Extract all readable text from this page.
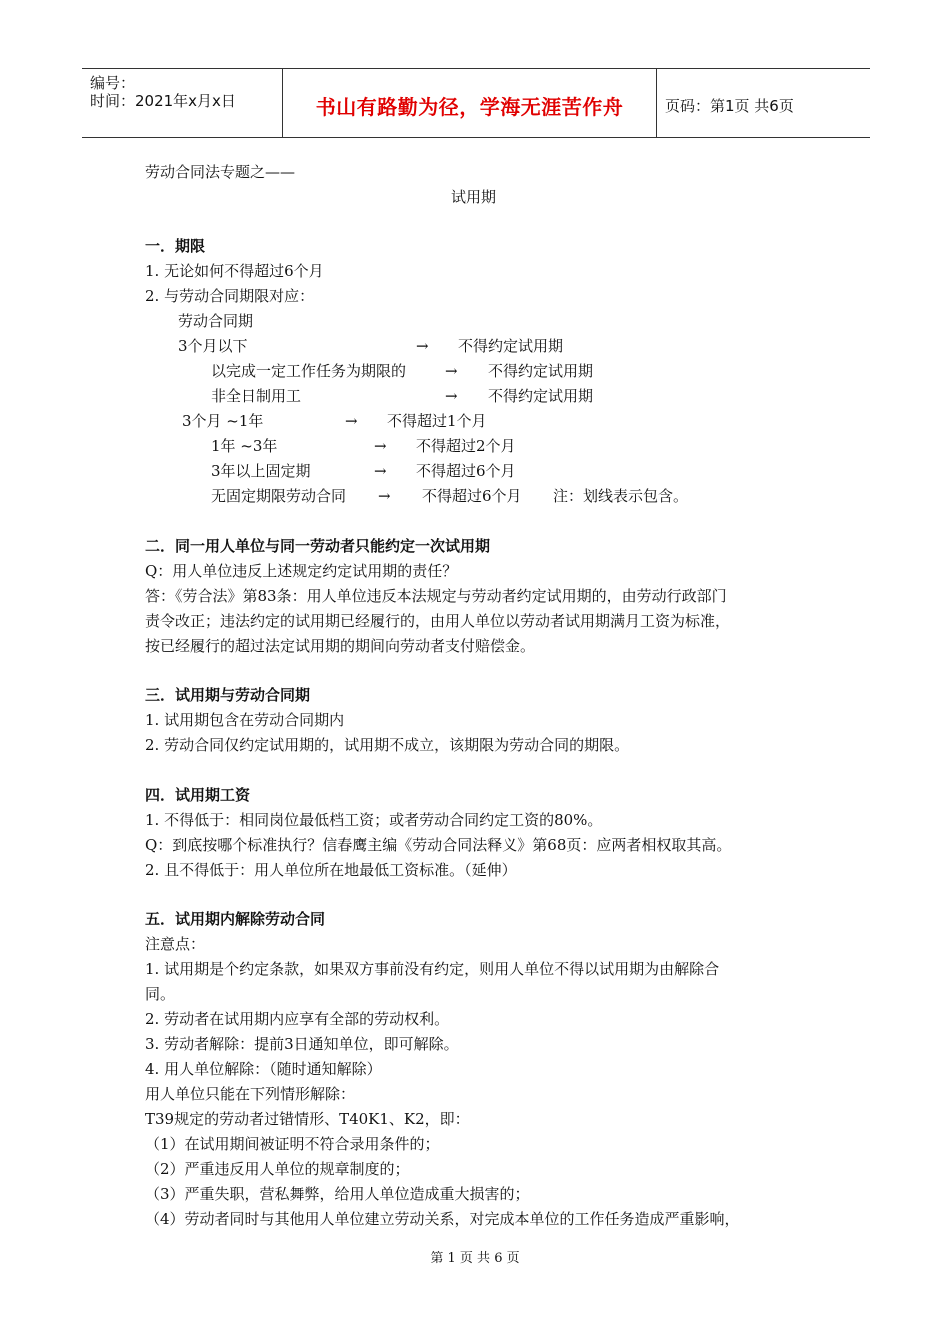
编号：
时间：2021年x月x日	书山有路勤为径，学海无涯苦作舟	页码：第1页 共6页
劳动合同法专题之——
试用期
一．期限
1. 无论如何不得超过6个月
2. 与劳动合同期限对应：
劳动合同期
3个月以下	→ 不得约定试用期
以完成一定工作任务为期限的	→ 不得约定试用期
非全日制用工	→ 不得约定试用期
3个月 ~1年	→ 不得超过1个月
1年 ~3年	→ 不得超过2个月
3年以上固定期	→ 不得超过6个月
无固定期限劳动合同 → 不得超过6个月 注：划线表示包含。
二．同一用人单位与同一劳动者只能约定一次试用期
Q：用人单位违反上述规定约定试用期的责任？
答：《劳合法》第83条：用人单位违反本法规定与劳动者约定试用期的，由劳动行政部门
责令改正；违法约定的试用期已经履行的，由用人单位以劳动者试用期满月工资为标准，
按已经履行的超过法定试用期的期间向劳动者支付赔偿金。
三．试用期与劳动合同期
1. 试用期包含在劳动合同期内
2. 劳动合同仅约定试用期的，试用期不成立，该期限为劳动合同的期限。
四．试用期工资
1. 不得低于：相同岗位最低档工资；或者劳动合同约定工资的80%。
Q：到底按哪个标准执行？信春鹰主编《劳动合同法释义》第68页：应两者相权取其高。
2. 且不得低于：用人单位所在地最低工资标准。（延伸）
五．试用期内解除劳动合同
注意点：
1. 试用期是个约定条款，如果双方事前没有约定，则用人单位不得以试用期为由解除合
同。
2. 劳动者在试用期内应享有全部的劳动权利。
3. 劳动者解除：提前3日通知单位，即可解除。
4. 用人单位解除：（随时通知解除）
用人单位只能在下列情形解除：
T39规定的劳动者过错情形、T40K1、K2，即：
（1）在试用期间被证明不符合录用条件的；
（2）严重违反用人单位的规章制度的；
（3）严重失职，营私舞弊，给用人单位造成重大损害的；
（4）劳动者同时与其他用人单位建立劳动关系，对完成本单位的工作任务造成严重影响，
第 1 页 共 6 页
